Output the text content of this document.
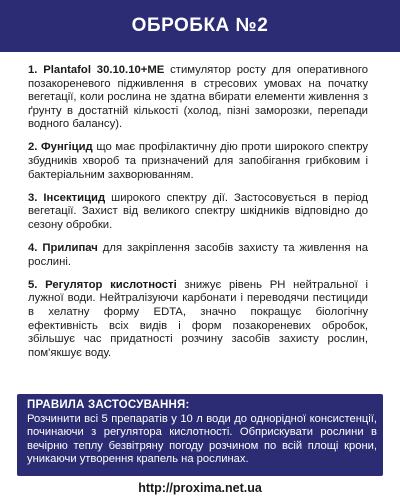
ОБРОБКА №2

1. Plantafol 30.10.10+ME стимулятор росту для оперативного позакореневого підживлення в стресових умовах на початку вегетації, коли рослина не здатна вбирати елементи живлення з ґрунту в достатній кількості (холод, пізні заморозки, перепади водного балансу).

2. Фунгіцид що має профілактичну дію проти широкого спектру збудників хвороб та призначений для запобігання грибковим і бактеріальним захворюванням.

3. Інсектицид широкого спектру дії. Застосовується в період вегетації. Захист від великого спектру шкідників відповідно до сезону обробки.

4. Прилипач для закріплення засобів захисту та живлення на рослині.

5. Регулятор кислотності знижує рівень РН нейтральної і лужної води. Нейтралізуючи карбонати і переводячи пестициди в хелатну форму EDTA, значно покращує біологічну ефективність всіх видів і форм позакореневих обробок, збільшує час придатності розчину засобів захисту рослин, пом'якшує воду.

ПРАВИЛА ЗАСТОСУВАННЯ:
Розчинити всі 5 препаратів у 10 л води до однорідної консистенції, починаючи з регулятора кислотності. Обприскувати рослини в вечірню теплу безвітряну погоду розчином по всій площі крони, уникаючи утворення крапель на рослинах.
http://proxima.net.ua
